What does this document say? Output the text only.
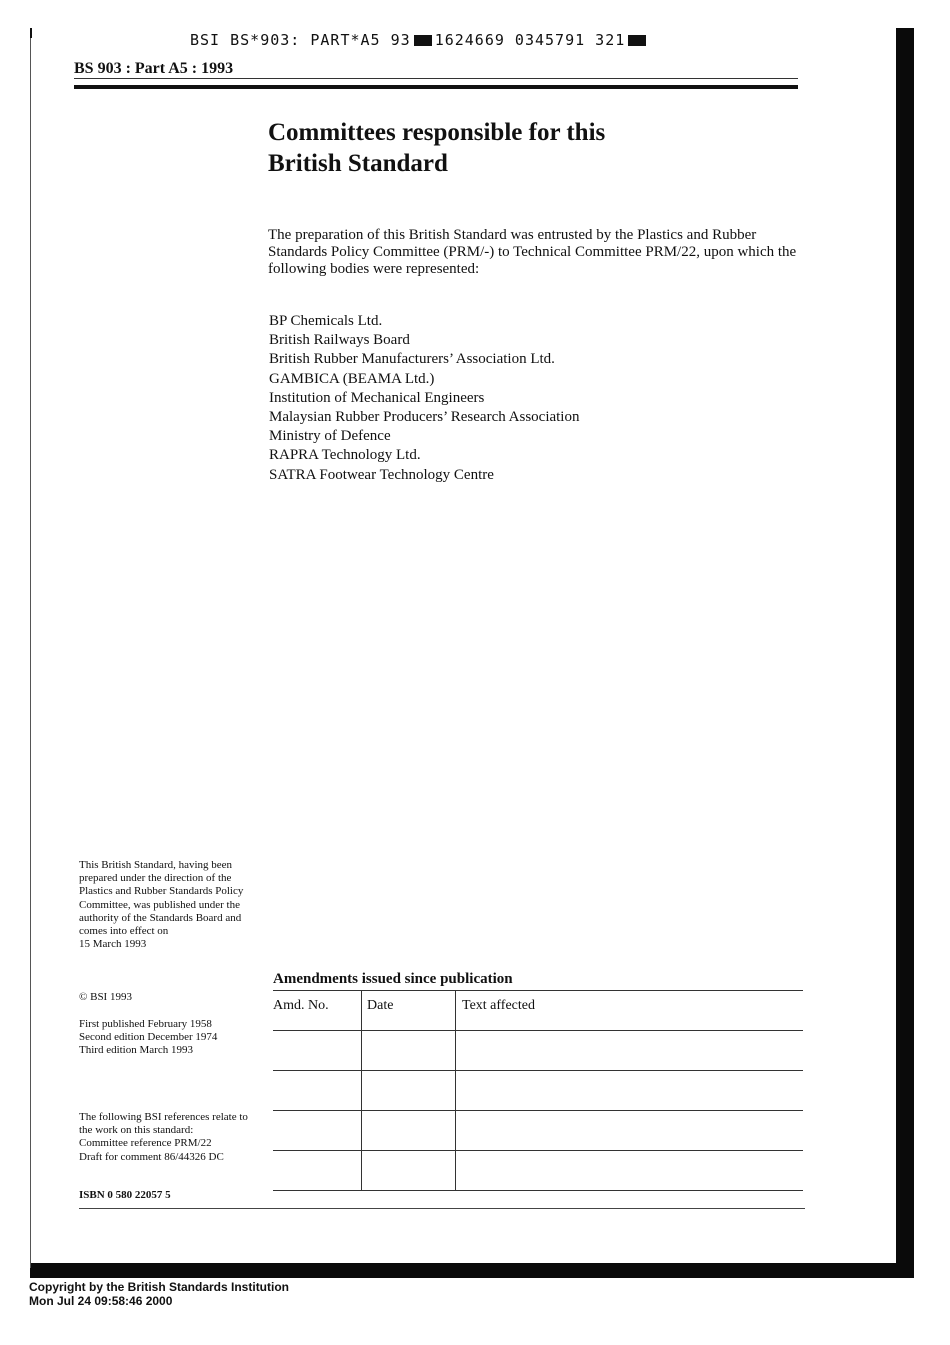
BSI BS*903: PART*A5 93 1624669 0345791 321
BS 903 : Part A5 : 1993
Committees responsible for this
British Standard
The preparation of this British Standard was entrusted by the Plastics and Rubber Standards Policy Committee (PRM/-) to Technical Committee PRM/22, upon which the following bodies were represented:
BP Chemicals Ltd.
British Railways Board
British Rubber Manufacturers’ Association Ltd.
GAMBICA (BEAMA Ltd.)
Institution of Mechanical Engineers
Malaysian Rubber Producers’ Research Association
Ministry of Defence
RAPRA Technology Ltd.
SATRA Footwear Technology Centre
This British Standard, having been prepared under the direction of the Plastics and Rubber Standards Policy Committee, was published under the authority of the Standards Board and comes into effect on
15 March 1993
© BSI 1993
First published February 1958
Second edition December 1974
Third edition March 1993
The following BSI references relate to the work on this standard:
Committee reference PRM/22
Draft for comment 86/44326 DC
ISBN 0 580 22057 5
Amendments issued since publication
Amd. No.	Date	Text affected

Copyright by the British Standards Institution
Mon Jul 24 09:58:46 2000
